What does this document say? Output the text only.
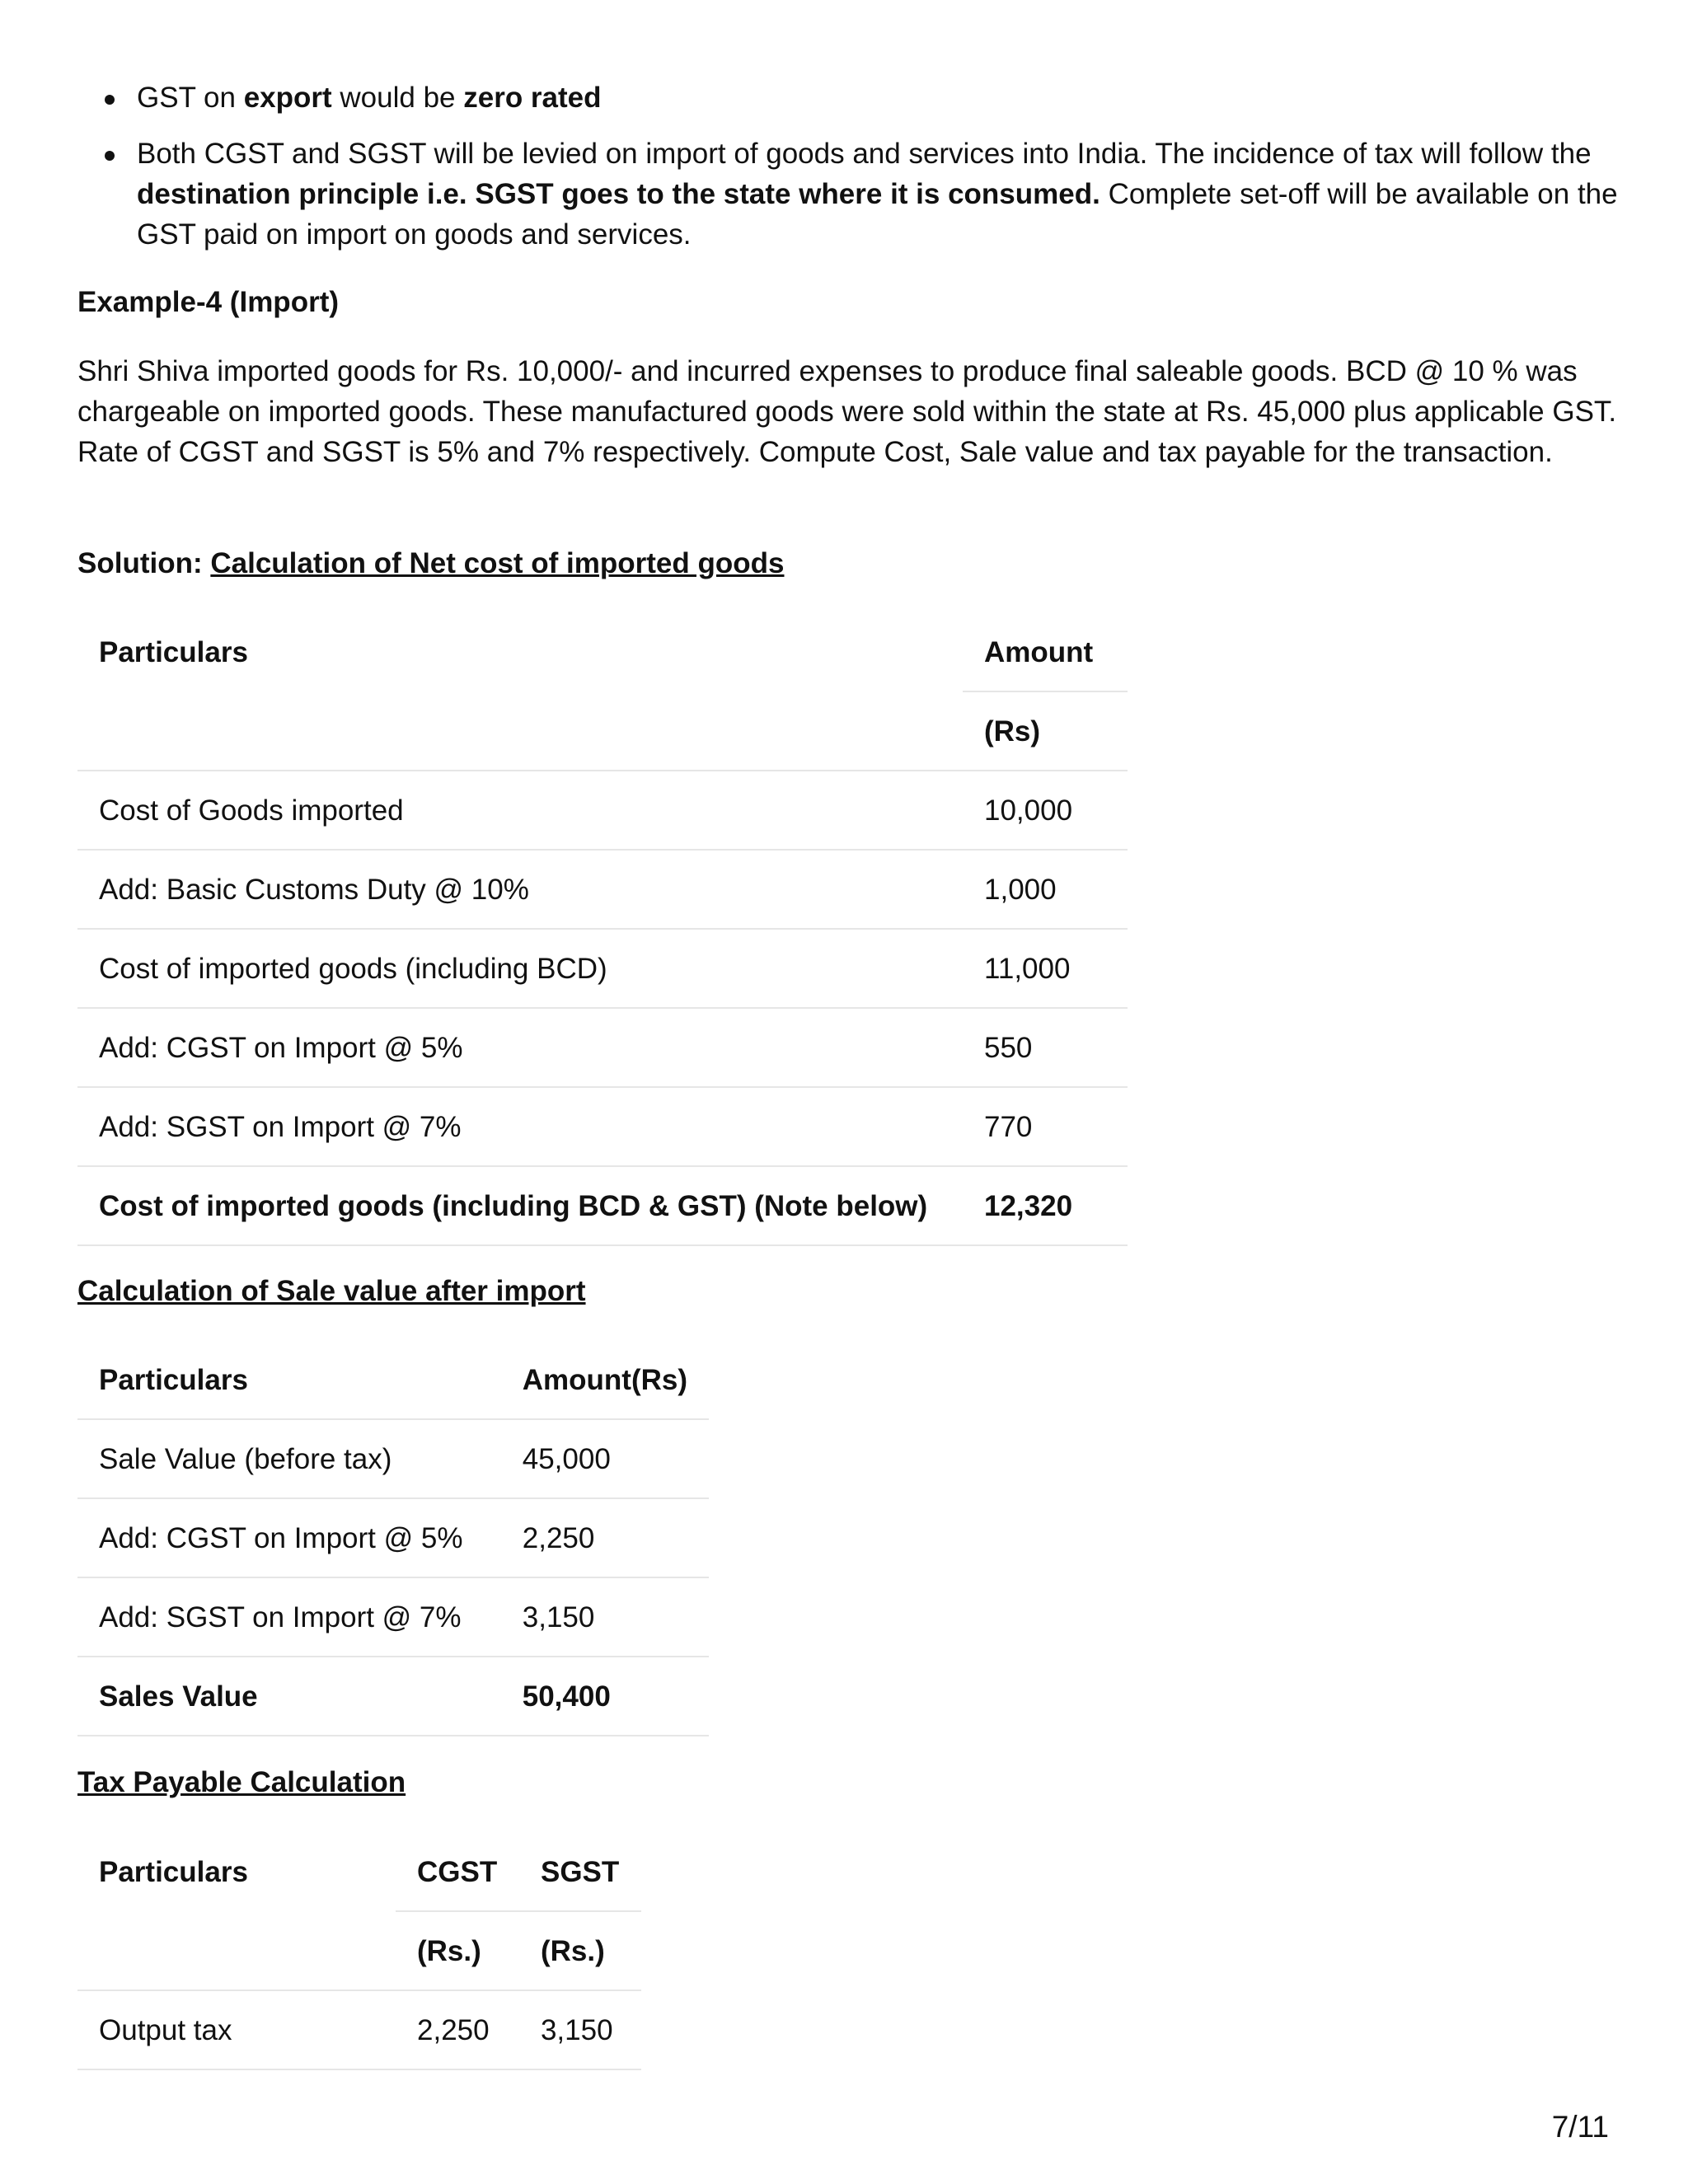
GST on export would be zero rated
Both CGST and SGST will be levied on import of goods and services into India. The incidence of tax will follow the destination principle i.e. SGST goes to the state where it is consumed. Complete set-off will be available on the GST paid on import on goods and services.
Example-4 (Import)
Shri Shiva imported goods for Rs. 10,000/- and incurred expenses to produce final saleable goods. BCD @ 10 % was chargeable on imported goods. These manufactured goods were sold within the state at Rs. 45,000 plus applicable GST. Rate of CGST and SGST is 5% and 7% respectively. Compute Cost, Sale value and tax payable for the transaction.
Solution: Calculation of Net cost of imported goods
Particulars	Amount
	(Rs)
Cost of Goods imported	10,000
Add: Basic Customs Duty @ 10%	1,000
Cost of imported goods (including BCD)	11,000
Add: CGST on Import @ 5%	550
Add: SGST on Import @ 7%	770
Cost of imported goods (including BCD & GST) (Note below)	12,320
Calculation of Sale value after import
Particulars	Amount(Rs)
Sale Value (before tax)	45,000
Add: CGST on Import @ 5%	2,250
Add: SGST on Import @ 7%	3,150
Sales Value	50,400
Tax Payable Calculation
Particulars	CGST	SGST
	(Rs.)	(Rs.)
Output tax	2,250	3,150
7/11
